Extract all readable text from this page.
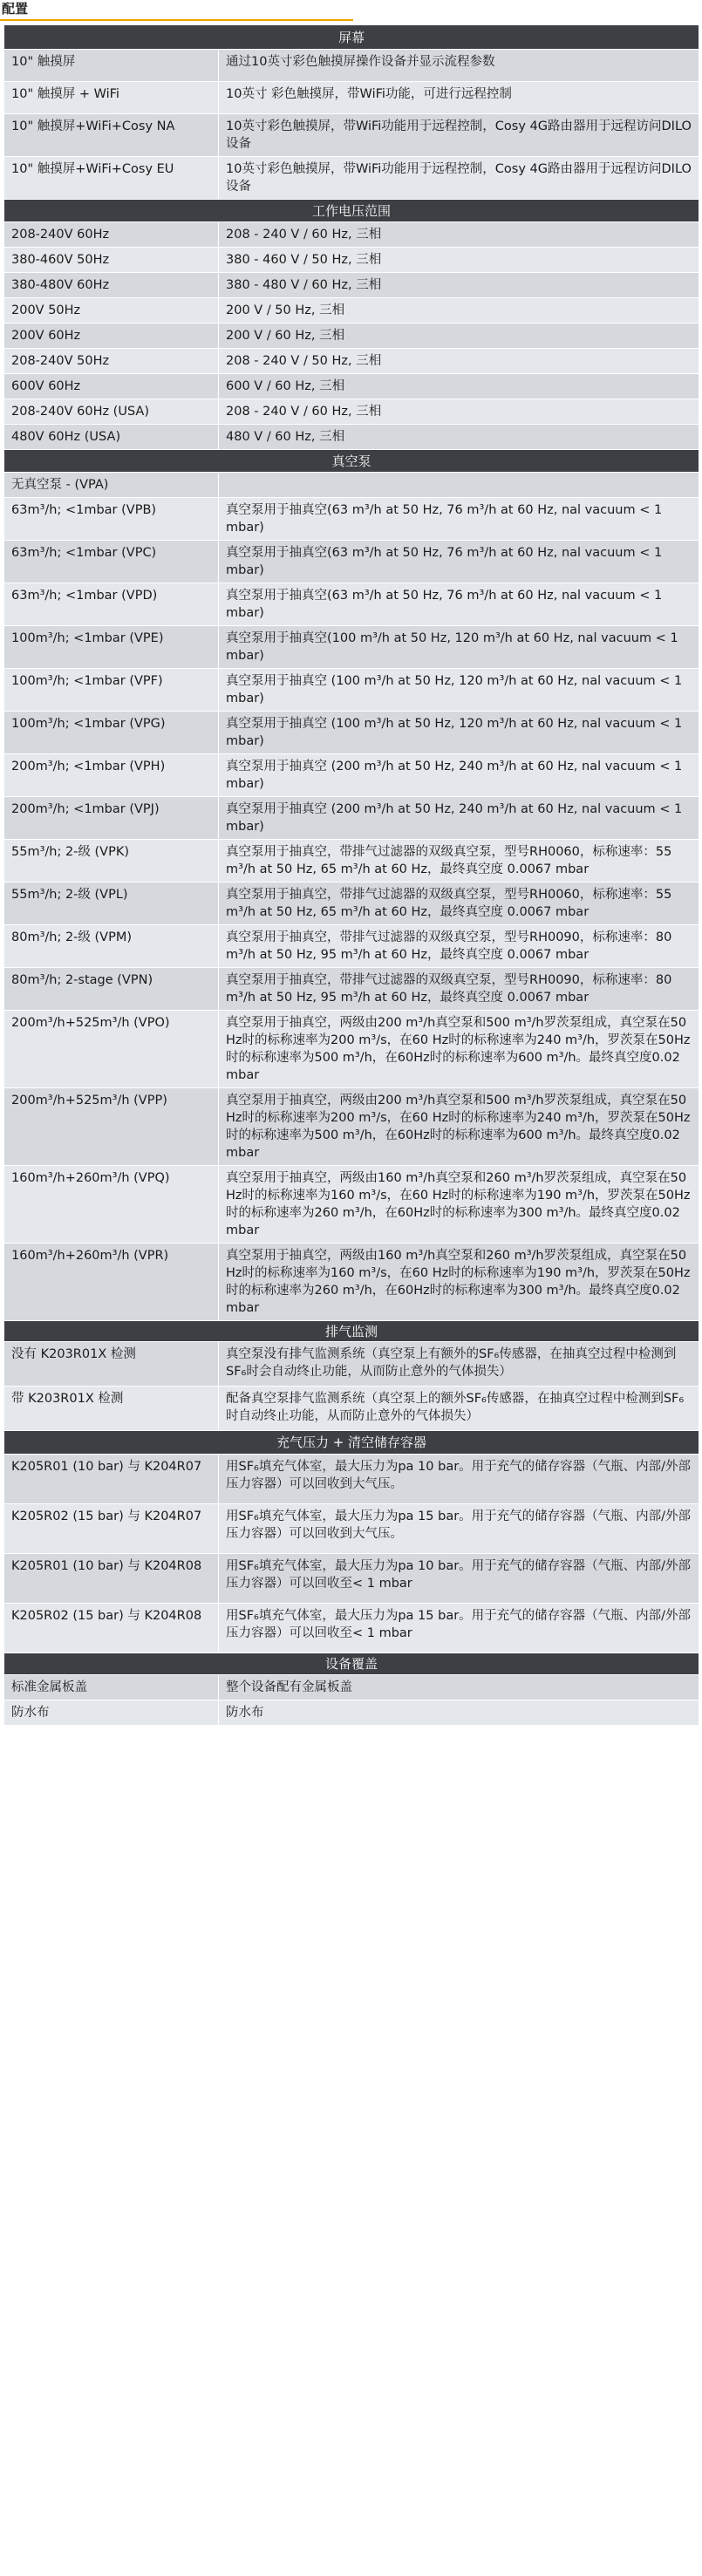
配置
屏幕	
10" 触摸屏	通过10英寸彩色触摸屏操作设备并显示流程参数
10" 触摸屏 + WiFi	10英寸 彩色触摸屏，带WiFi功能，可进行远程控制
10" 触摸屏+WiFi+Cosy NA	10英寸彩色触摸屏，带WiFi功能用于远程控制，Cosy 4G路由器用于远程访问DILO设备
10" 触摸屏+WiFi+Cosy EU	10英寸彩色触摸屏，带WiFi功能用于远程控制，Cosy 4G路由器用于远程访问DILO设备
工作电压范围	
208-240V 60Hz	208 - 240 V / 60 Hz, 三相
380-460V 50Hz	380 - 460 V / 50 Hz, 三相
380-480V 60Hz	380 - 480 V / 60 Hz, 三相
200V 50Hz	200 V / 50 Hz, 三相
200V 60Hz	200 V / 60 Hz, 三相
208-240V 50Hz	208 - 240 V / 50 Hz, 三相
600V 60Hz	600 V / 60 Hz, 三相
208-240V 60Hz (USA)	208 - 240 V / 60 Hz, 三相
480V 60Hz (USA)	480 V / 60 Hz, 三相
真空泵	
无真空泵 - (VPA)	
63m³/h; <1mbar (VPB)	真空泵用于抽真空(63 m³/h at 50 Hz, 76 m³/h at 60 Hz, nal vacuum < 1 mbar)
63m³/h; <1mbar (VPC)	真空泵用于抽真空(63 m³/h at 50 Hz, 76 m³/h at 60 Hz, nal vacuum < 1 mbar)
63m³/h; <1mbar (VPD)	真空泵用于抽真空(63 m³/h at 50 Hz, 76 m³/h at 60 Hz, nal vacuum < 1 mbar)
100m³/h; <1mbar (VPE)	真空泵用于抽真空(100 m³/h at 50 Hz, 120 m³/h at 60 Hz, nal vacuum < 1 mbar)
100m³/h; <1mbar (VPF)	真空泵用于抽真空 (100 m³/h at 50 Hz, 120 m³/h at 60 Hz, nal vacuum < 1 mbar)
100m³/h; <1mbar (VPG)	真空泵用于抽真空 (100 m³/h at 50 Hz, 120 m³/h at 60 Hz, nal vacuum < 1 mbar)
200m³/h; <1mbar (VPH)	真空泵用于抽真空 (200 m³/h at 50 Hz, 240 m³/h at 60 Hz, nal vacuum < 1 mbar)
200m³/h; <1mbar (VPJ)	真空泵用于抽真空 (200 m³/h at 50 Hz, 240 m³/h at 60 Hz, nal vacuum < 1 mbar)
55m³/h; 2-级 (VPK)	真空泵用于抽真空，带排气过滤器的双级真空泵，型号RH0060，标称速率：55 m³/h at 50 Hz, 65 m³/h at 60 Hz，最终真空度 0.0067 mbar
55m³/h; 2-级 (VPL)	真空泵用于抽真空，带排气过滤器的双级真空泵，型号RH0060，标称速率：55 m³/h at 50 Hz, 65 m³/h at 60 Hz，最终真空度 0.0067 mbar
80m³/h; 2-级 (VPM)	真空泵用于抽真空，带排气过滤器的双级真空泵，型号RH0090，标称速率：80 m³/h at 50 Hz, 95 m³/h at 60 Hz，最终真空度 0.0067 mbar
80m³/h; 2-stage (VPN)	真空泵用于抽真空，带排气过滤器的双级真空泵，型号RH0090，标称速率：80 m³/h at 50 Hz, 95 m³/h at 60 Hz，最终真空度 0.0067 mbar
200m³/h+525m³/h (VPO)	真空泵用于抽真空，两级由200 m³/h真空泵和500 m³/h罗茨泵组成，真空泵在50 Hz时的标称速率为200 m³/s，在60 Hz时的标称速率为240 m³/h，罗茨泵在50Hz时的标称速率为500 m³/h，在60Hz时的标称速率为600 m³/h。最终真空度0.02 mbar
200m³/h+525m³/h (VPP)	真空泵用于抽真空，两级由200 m³/h真空泵和500 m³/h罗茨泵组成，真空泵在50 Hz时的标称速率为200 m³/s，在60 Hz时的标称速率为240 m³/h，罗茨泵在50Hz时的标称速率为500 m³/h，在60Hz时的标称速率为600 m³/h。最终真空度0.02 mbar
160m³/h+260m³/h (VPQ)	真空泵用于抽真空，两级由160 m³/h真空泵和260 m³/h罗茨泵组成，真空泵在50 Hz时的标称速率为160 m³/s，在60 Hz时的标称速率为190 m³/h，罗茨泵在50Hz时的标称速率为260 m³/h，在60Hz时的标称速率为300 m³/h。最终真空度0.02 mbar
160m³/h+260m³/h (VPR)	真空泵用于抽真空，两级由160 m³/h真空泵和260 m³/h罗茨泵组成，真空泵在50 Hz时的标称速率为160 m³/s，在60 Hz时的标称速率为190 m³/h，罗茨泵在50Hz时的标称速率为260 m³/h，在60Hz时的标称速率为300 m³/h。最终真空度0.02 mbar
排气监测	
没有 K203R01X 检测	真空泵没有排气监测系统（真空泵上有额外的SF₆传感器，在抽真空过程中检测到SF₆时会自动终止功能，从而防止意外的气体损失）
带 K203R01X 检测	配备真空泵排气监测系统（真空泵上的额外SF₆传感器，在抽真空过程中检测到SF₆时自动终止功能，从而防止意外的气体损失）
充气压力 + 清空储存容器	
K205R01 (10 bar) 与 K204R07	用SF₆填充气体室，最大压力为pa 10 bar。用于充气的储存容器（气瓶、内部/外部压力容器）可以回收到大气压。
K205R02 (15 bar) 与 K204R07	用SF₆填充气体室，最大压力为pa 15 bar。用于充气的储存容器（气瓶、内部/外部压力容器）可以回收到大气压。
K205R01 (10 bar) 与 K204R08	用SF₆填充气体室，最大压力为pa 10 bar。用于充气的储存容器（气瓶、内部/外部压力容器）可以回收至< 1 mbar
K205R02 (15 bar) 与 K204R08	用SF₆填充气体室，最大压力为pa 15 bar。用于充气的储存容器（气瓶、内部/外部压力容器）可以回收至< 1 mbar
设备覆盖	
标准金属板盖	整个设备配有金属板盖
防水布	防水布
